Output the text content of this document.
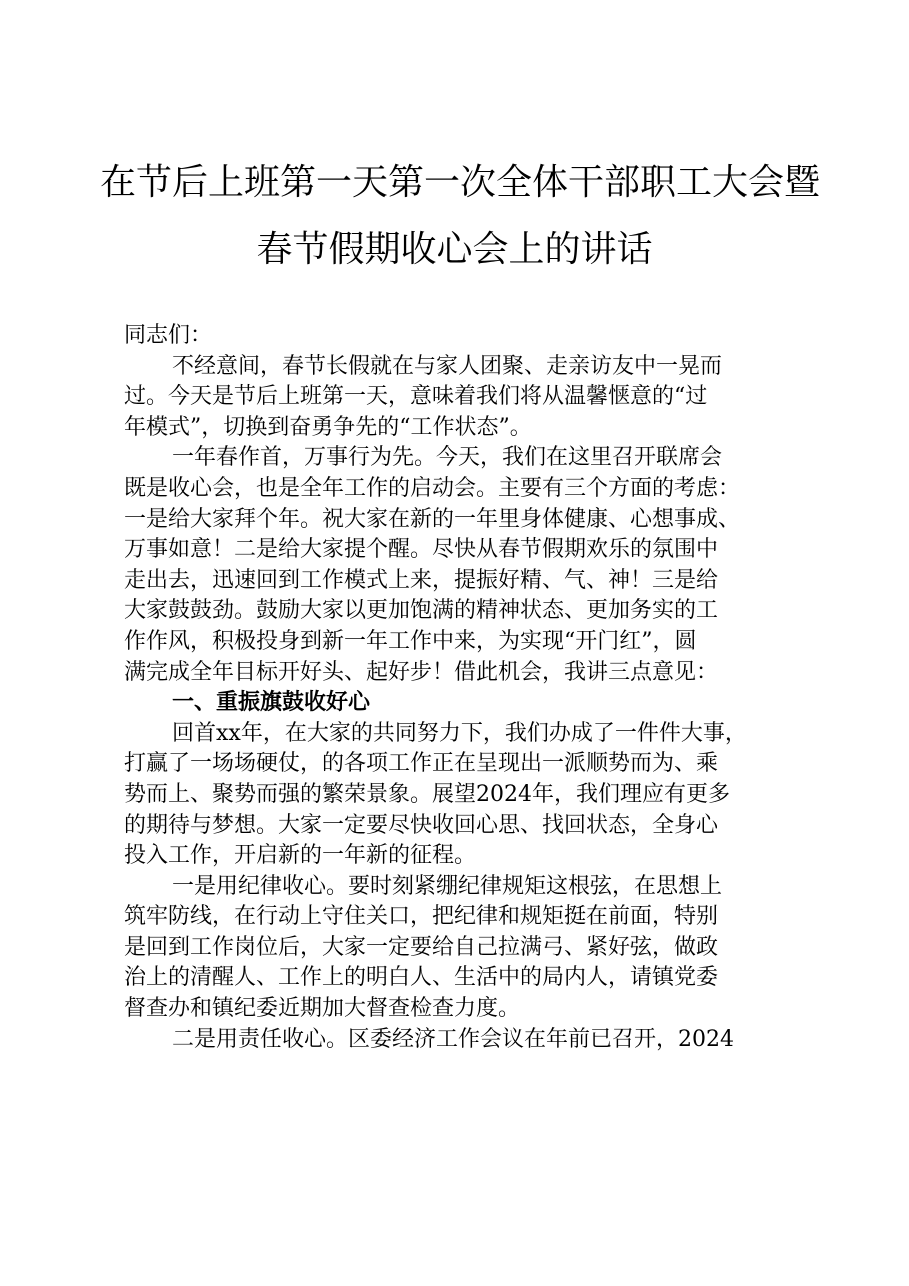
在节后上班第一天第一次全体干部职工大会暨
春节假期收心会上的讲话
同志们：
不经意间，春节长假就在与家人团聚、走亲访友中一晃而
过。今天是节后上班第一天，意味着我们将从温馨惬意的“过
年模式”，切换到奋勇争先的“工作状态”。
一年春作首，万事行为先。今天，我们在这里召开联席会
既是收心会，也是全年工作的启动会。主要有三个方面的考虑：
一是给大家拜个年。祝大家在新的一年里身体健康、心想事成、
万事如意！二是给大家提个醒。尽快从春节假期欢乐的氛围中
走出去，迅速回到工作模式上来，提振好精、气、神！三是给
大家鼓鼓劲。鼓励大家以更加饱满的精神状态、更加务实的工
作作风，积极投身到新一年工作中来，为实现“开门红”，圆
满完成全年目标开好头、起好步！借此机会，我讲三点意见：
一、重振旗鼓收好心
回首xx年，在大家的共同努力下，我们办成了一件件大事，
打赢了一场场硬仗，的各项工作正在呈现出一派顺势而为、乘
势而上、聚势而强的繁荣景象。展望2024年，我们理应有更多
的期待与梦想。大家一定要尽快收回心思、找回状态，全身心
投入工作，开启新的一年新的征程。
一是用纪律收心。要时刻紧绷纪律规矩这根弦，在思想上
筑牢防线，在行动上守住关口，把纪律和规矩挺在前面，特别
是回到工作岗位后，大家一定要给自己拉满弓、紧好弦，做政
治上的清醒人、工作上的明白人、生活中的局内人，请镇党委
督查办和镇纪委近期加大督查检查力度。
二是用责任收心。区委经济工作会议在年前已召开，2024
